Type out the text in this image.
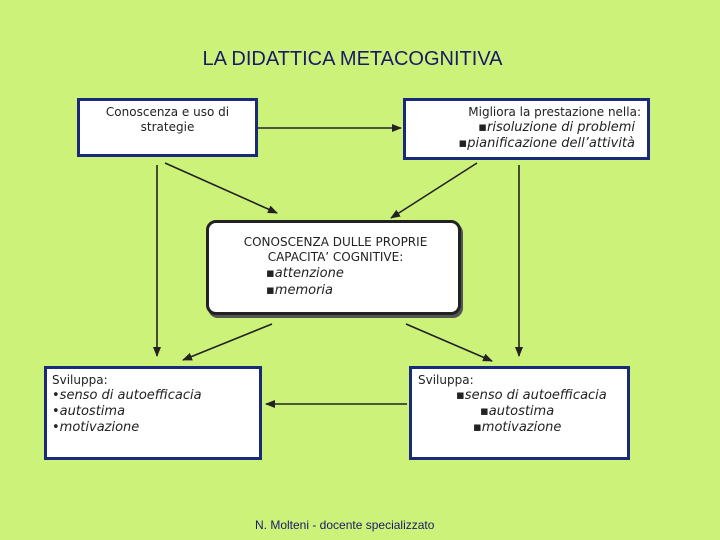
LA DIDATTICA METACOGNITIVA
Conoscenza e uso di
strategie
Migliora la prestazione nella:
▪risoluzione di problemi
▪pianificazione dell’attività
CONOSCENZA DULLE PROPRIE
CAPACITA’ COGNITIVE:
▪attenzione
▪memoria
Sviluppa:
•senso di autoefficacia
•autostima
•motivazione
Sviluppa:
▪senso di autoefficacia
▪autostima
▪motivazione
N. Molteni - docente specializzato
